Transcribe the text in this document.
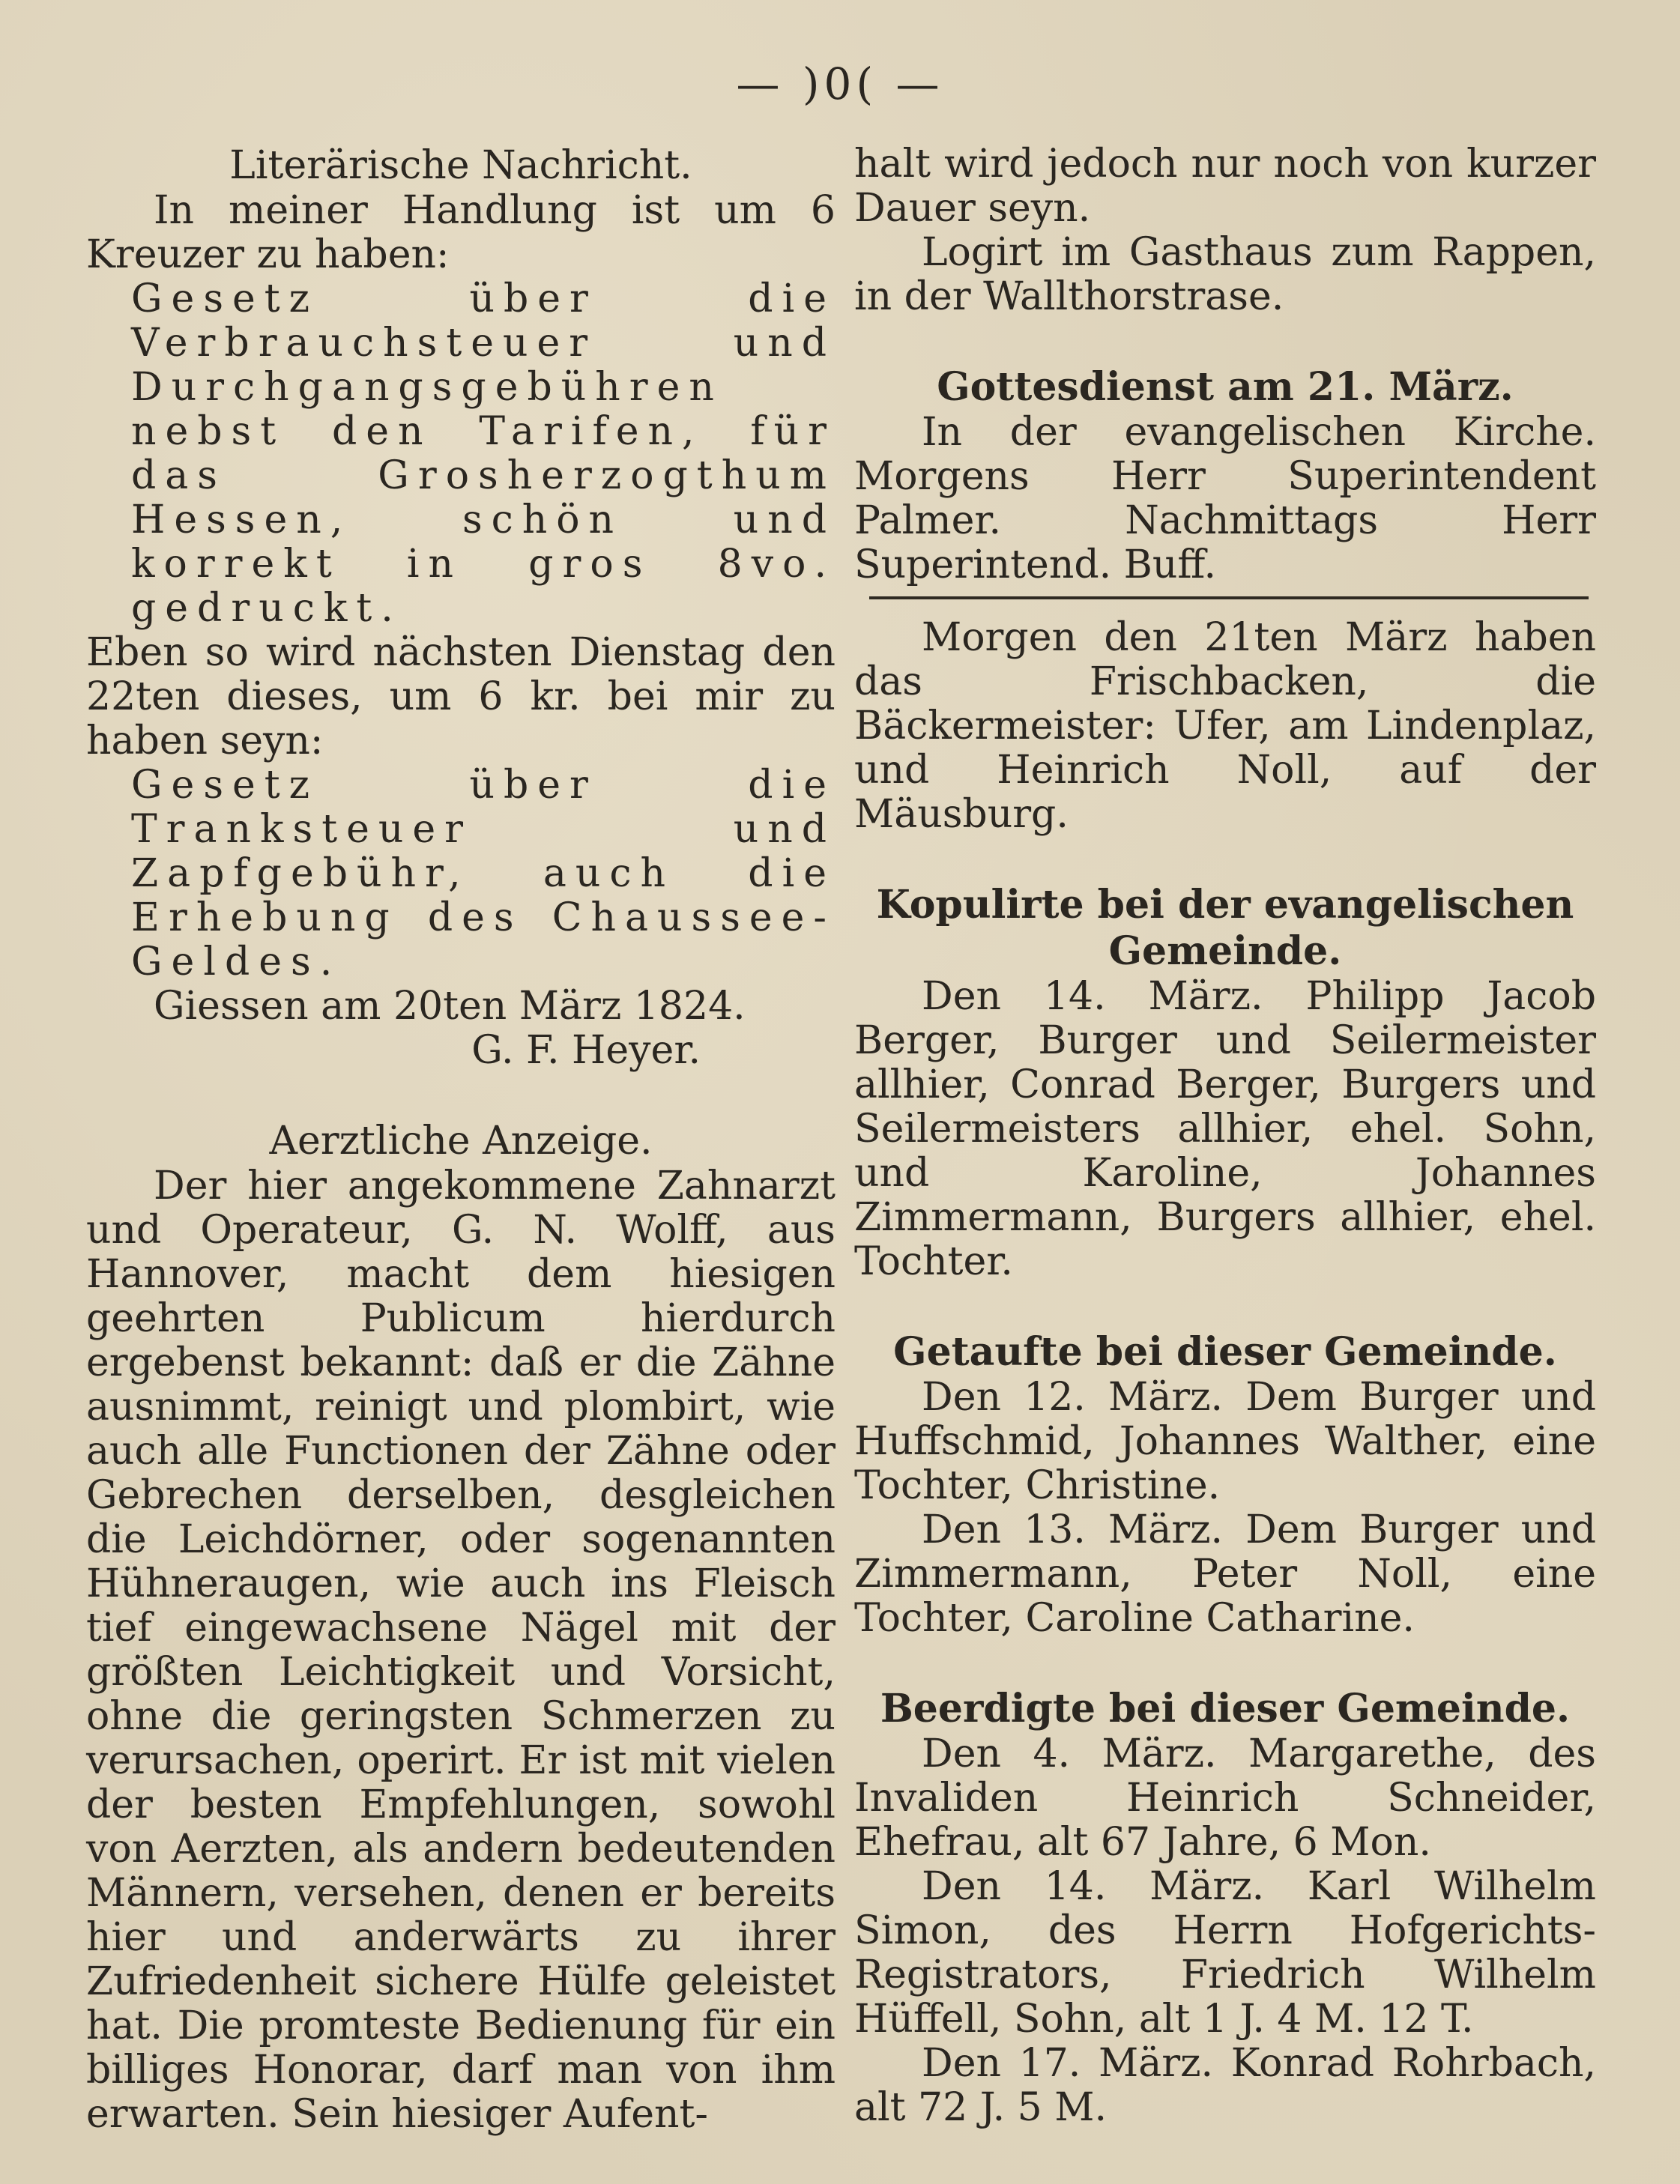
— )0( —

Literärische Nachricht.

In meiner Handlung ist um 6 Kreuzer zu haben:

Gesetz über die Verbrauchsteuer und Durchgangsgebühren nebst den Tarifen, für das Grosherzogthum Hessen, schön und korrekt in gros 8vo. gedruckt.

Eben so wird nächsten Dienstag den 22ten dieses, um 6 kr. bei mir zu haben seyn:

Gesetz über die Tranksteuer und Zapfgebühr, auch die Erhebung des Chaussee-Geldes.

Giessen am 20ten März 1824.

G. F. Heyer.

Aerztliche Anzeige.

Der hier angekommene Zahnarzt und Operateur, G. N. Wolff, aus Hannover, macht dem hiesigen geehrten Publicum hierdurch ergebenst bekannt: daß er die Zähne ausnimmt, reinigt und plombirt, wie auch alle Functionen der Zähne oder Gebrechen derselben, desgleichen die Leichdörner, oder sogenannten Hühneraugen, wie auch ins Fleisch tief eingewachsene Nägel mit der größten Leichtigkeit und Vorsicht, ohne die geringsten Schmerzen zu verursachen, operirt. Er ist mit vielen der besten Empfehlungen, sowohl von Aerzten, als andern bedeutenden Männern, versehen, denen er bereits hier und anderwärts zu ihrer Zufriedenheit sichere Hülfe geleistet hat. Die promteste Bedienung für ein billiges Honorar, darf man von ihm erwarten. Sein hiesiger Aufent-

halt wird jedoch nur noch von kurzer Dauer seyn.

Logirt im Gasthaus zum Rappen, in der Wallthorstrase.

Gottesdienst am 21. März.

In der evangelischen Kirche. Morgens Herr Superintendent Palmer. Nachmittags Herr Superintend. Buff.

Morgen den 21ten März haben das Frischbacken, die Bäckermeister: Ufer, am Lindenplaz, und Heinrich Noll, auf der Mäusburg.

Kopulirte bei der evangelischen Gemeinde.

Den 14. März. Philipp Jacob Berger, Burger und Seilermeister allhier, Conrad Berger, Burgers und Seilermeisters allhier, ehel. Sohn, und Karoline, Johannes Zimmermann, Burgers allhier, ehel. Tochter.

Getaufte bei dieser Gemeinde.

Den 12. März. Dem Burger und Huffschmid, Johannes Walther, eine Tochter, Christine.

Den 13. März. Dem Burger und Zimmermann, Peter Noll, eine Tochter, Caroline Catharine.

Beerdigte bei dieser Gemeinde.

Den 4. März. Margarethe, des Invaliden Heinrich Schneider, Ehefrau, alt 67 Jahre, 6 Mon.

Den 14. März. Karl Wilhelm Simon, des Herrn Hofgerichts-Registrators, Friedrich Wilhelm Hüffell, Sohn, alt 1 J. 4 M. 12 T.

Den 17. März. Konrad Rohrbach, alt 72 J. 5 M.
